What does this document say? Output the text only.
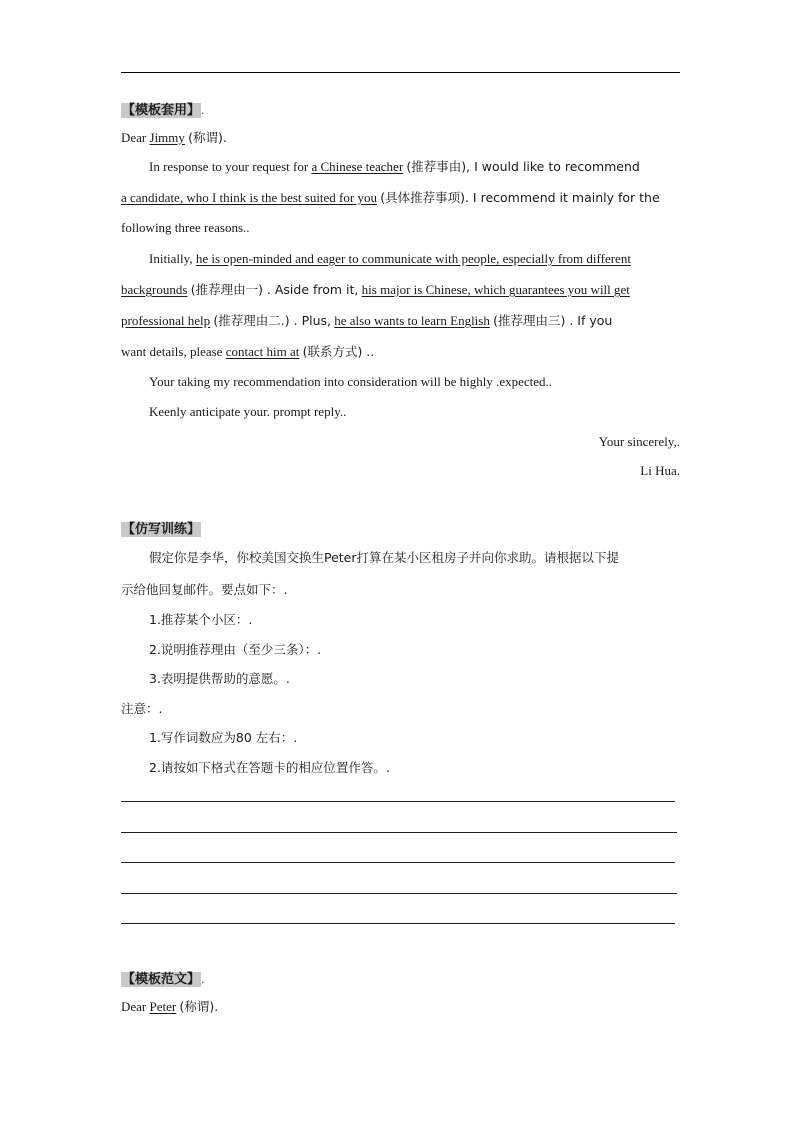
【模板套用】.
Dear Jimmy (称谓).
In response to your request for a Chinese teacher (推荐事由), I would like to recommend
a candidate, who I think is the best suited for you (具体推荐事项). I recommend it mainly for the
following three reasons..
Initially, he is open-minded and eager to communicate with people, especially from different
backgrounds (推荐理由一) . Aside from it, his major is Chinese, which guarantees you will get
professional help (推荐理由二.) . Plus, he also wants to learn English (推荐理由三) . If you
want details, please contact him at (联系方式) ..
Your taking my recommendation into consideration will be highly .expected..
Keenly anticipate your. prompt reply..
Your sincerely,.
Li Hua.
【仿写训练】
假定你是李华，你校美国交换生Peter打算在某小区租房子并向你求助。请根据以下提
示给他回复邮件。要点如下：.
1.推荐某个小区：.
2.说明推荐理由（至少三条）：.
3.表明提供帮助的意愿。.
注意：.
1.写作词数应为80 左右：.
2.请按如下格式在答题卡的相应位置作答。.
【模板范文】.
Dear Peter (称谓).
